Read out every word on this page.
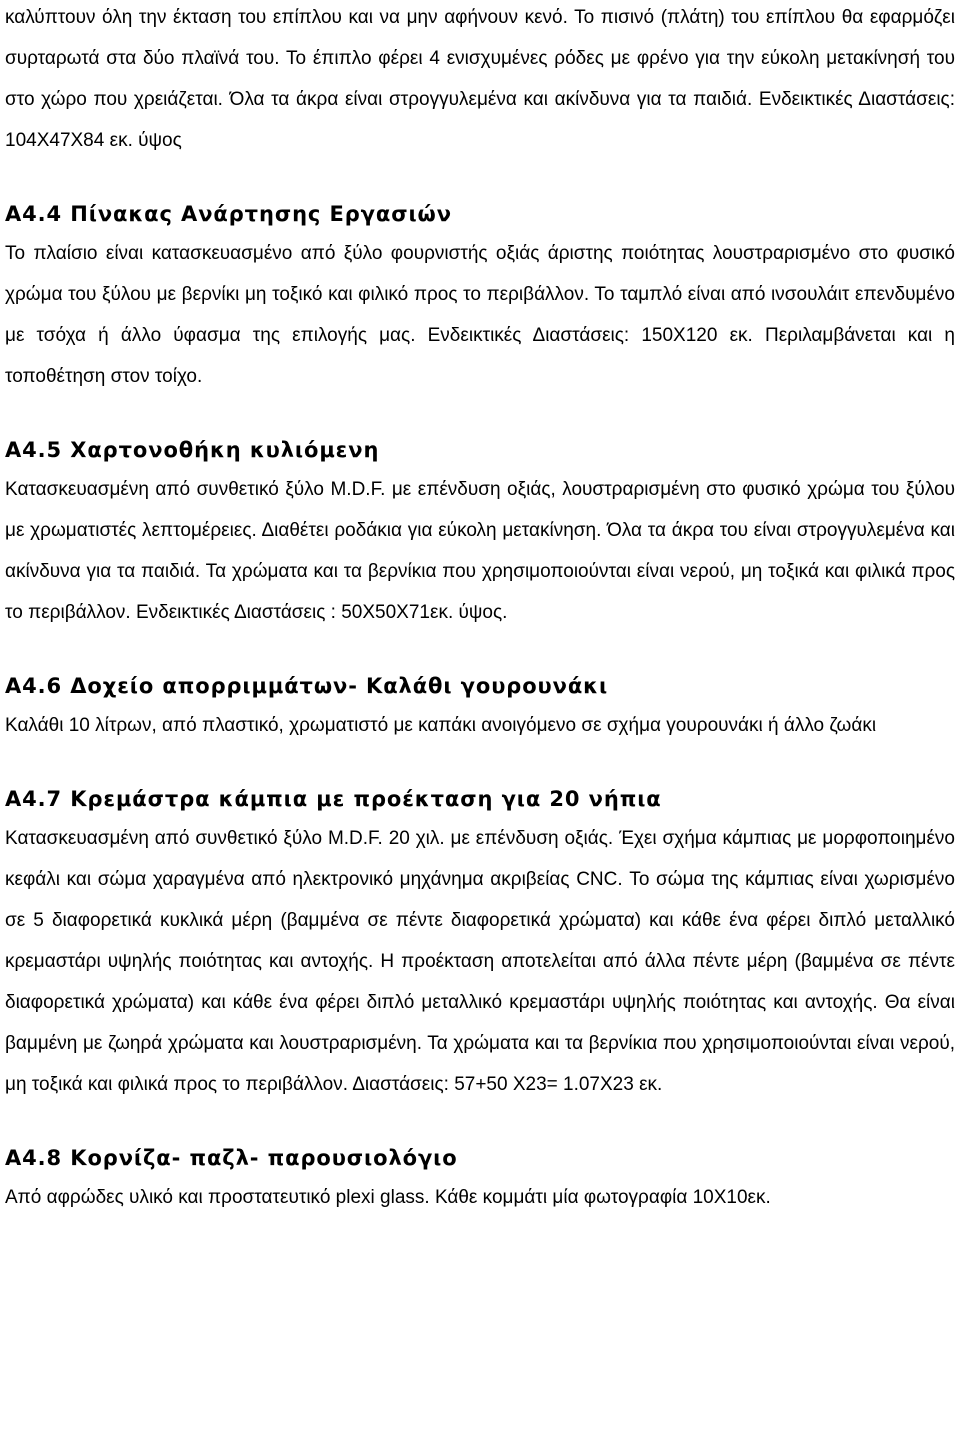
καλύπτουν όλη την έκταση του επίπλου και να μην αφήνουν κενό. Το πισινό (πλάτη) του επίπλου θα εφαρμόζει συρταρωτά στα δύο πλαϊνά του. Το έπιπλο φέρει 4 ενισχυμένες ρόδες με φρένο για την εύκολη μετακίνησή του στο χώρο που χρειάζεται. Όλα τα άκρα είναι στρογγυλεμένα και ακίνδυνα για τα παιδιά. Ενδεικτικές Διαστάσεις: 104Χ47Χ84 εκ. ύψος

Α4.4 Πίνακας Ανάρτησης Εργασιών

Το πλαίσιο είναι κατασκευασμένο από ξύλο φουρνιστής οξιάς άριστης ποιότητας λουστραρισμένο στο φυσικό χρώμα του ξύλου με βερνίκι μη τοξικό και φιλικό προς το περιβάλλον. Το ταμπλό είναι από ινσουλάιτ επενδυμένο με τσόχα ή άλλο ύφασμα της επιλογής μας. Ενδεικτικές Διαστάσεις: 150Χ120 εκ. Περιλαμβάνεται και η τοποθέτηση στον τοίχο.

Α4.5 Χαρτονοθήκη κυλιόμενη

Κατασκευασμένη από συνθετικό ξύλο Μ.D.F. με επένδυση οξιάς, λουστραρισμένη στο φυσικό χρώμα του ξύλου με χρωματιστές λεπτομέρειες. Διαθέτει ροδάκια για εύκολη μετακίνηση. Όλα τα άκρα του είναι στρογγυλεμένα και ακίνδυνα για τα παιδιά. Τα χρώματα και τα βερνίκια που χρησιμοποιούνται είναι νερού, μη τοξικά και φιλικά προς το περιβάλλον. Ενδεικτικές Διαστάσεις : 50Χ50Χ71εκ. ύψος.

Α4.6 Δοχείο απορριμμάτων- Καλάθι γουρουνάκι

Καλάθι 10 λίτρων, από πλαστικό, χρωματιστό με καπάκι ανοιγόμενο σε σχήμα γουρουνάκι ή άλλο ζωάκι

Α4.7 Κρεμάστρα κάμπια με προέκταση για 20 νήπια

Κατασκευασμένη από συνθετικό ξύλο Μ.D.F. 20 χιλ. με επένδυση οξιάς. Έχει σχήμα κάμπιας με μορφοποιημένο κεφάλι και σώμα χαραγμένα από ηλεκτρονικό μηχάνημα ακριβείας CNC. Το σώμα της κάμπιας είναι χωρισμένο σε 5 διαφορετικά κυκλικά μέρη (βαμμένα σε πέντε διαφορετικά χρώματα) και κάθε ένα φέρει διπλό μεταλλικό κρεμαστάρι υψηλής ποιότητας και αντοχής. Η προέκταση αποτελείται από άλλα πέντε μέρη (βαμμένα σε πέντε διαφορετικά χρώματα) και κάθε ένα φέρει διπλό μεταλλικό κρεμαστάρι υψηλής ποιότητας και αντοχής. Θα είναι βαμμένη με ζωηρά χρώματα και λουστραρισμένη. Τα χρώματα και τα βερνίκια που χρησιμοποιούνται είναι νερού, μη τοξικά και φιλικά προς το περιβάλλον. Διαστάσεις: 57+50 Χ23= 1.07Χ23 εκ.

Α4.8 Κορνίζα- παζλ- παρουσιολόγιο

Από αφρώδες υλικό και προστατευτικό plexi glass. Κάθε κομμάτι μία φωτογραφία 10Χ10εκ.
